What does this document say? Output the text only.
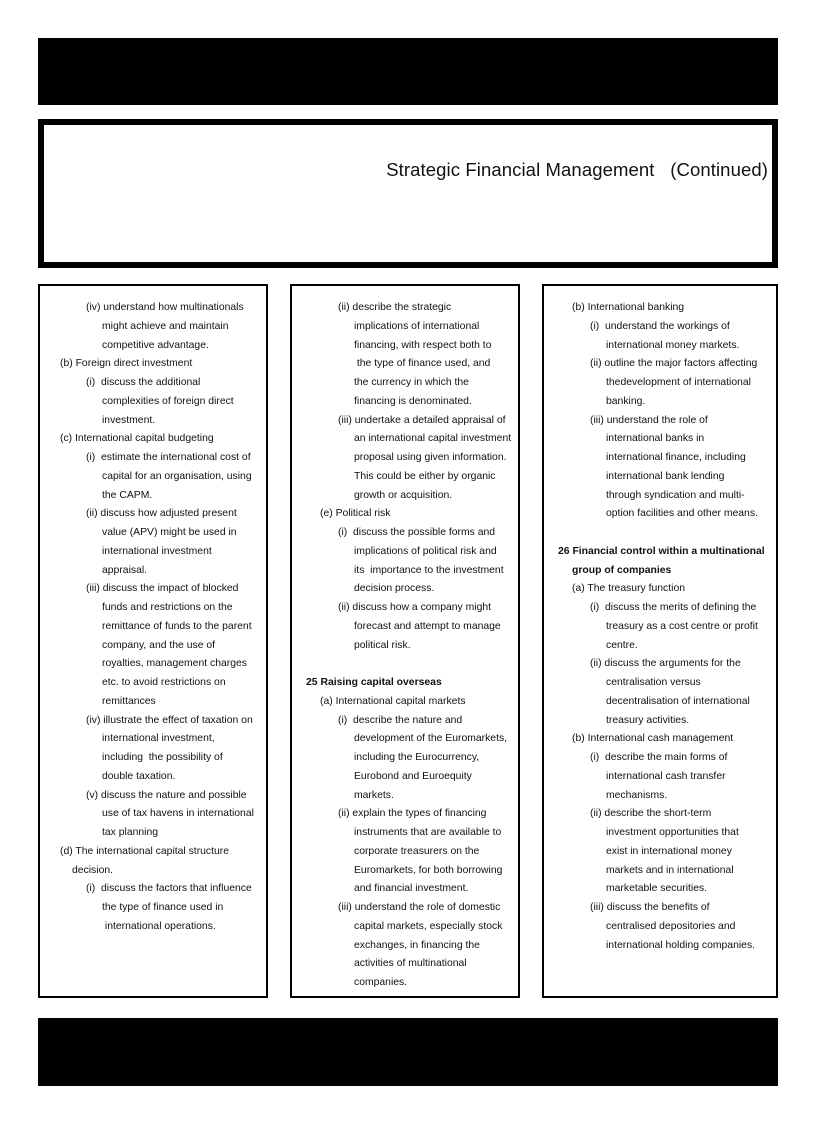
Strategic Financial Management   (Continued)
(iv) understand how multinationals
might achieve and maintain
competitive advantage.
(b) Foreign direct investment
(i)  discuss the additional
complexities of foreign direct
investment.
(c) International capital budgeting
(i)  estimate the international cost of
capital for an organisation, using
the CAPM.
(ii) discuss how adjusted present
value (APV) might be used in
international investment
appraisal.
(iii) discuss the impact of blocked
funds and restrictions on the
remittance of funds to the parent
company, and the use of
royalties, management charges
etc. to avoid restrictions on
remittances
(iv) illustrate the effect of taxation on
international investment,
including  the possibility of
double taxation.
(v) discuss the nature and possible
use of tax havens in international
tax planning
(d) The international capital structure
decision.
(i)  discuss the factors that influence
the type of finance used in
international operations.
(ii) describe the strategic
implications of international
financing, with respect both to
the type of finance used, and
the currency in which the
financing is denominated.
(iii) undertake a detailed appraisal of
an international capital investment
proposal using given information.
This could be either by organic
growth or acquisition.
(e) Political risk
(i)  discuss the possible forms and
implications of political risk and
its  importance to the investment
decision process.
(ii) discuss how a company might
forecast and attempt to manage
political risk.
25 Raising capital overseas
(a) International capital markets
(i)  describe the nature and
development of the Euromarkets,
including the Eurocurrency,
Eurobond and Euroequity
markets.
(ii) explain the types of financing
instruments that are available to
corporate treasurers on the
Euromarkets, for both borrowing
and financial investment.
(iii) understand the role of domestic
capital markets, especially stock
exchanges, in financing the
activities of multinational
companies.
(b) International banking
(i)  understand the workings of
international money markets.
(ii) outline the major factors affecting
thedevelopment of international
banking.
(iii) understand the role of
international banks in
international finance, including
international bank lending
through syndication and multi-
option facilities and other means.
26 Financial control within a multinational
group of companies
(a) The treasury function
(i)  discuss the merits of defining the
treasury as a cost centre or profit
centre.
(ii) discuss the arguments for the
centralisation versus
decentralisation of international
treasury activities.
(b) International cash management
(i)  describe the main forms of
international cash transfer
mechanisms.
(ii) describe the short-term
investment opportunities that
exist in international money
markets and in international
marketable securities.
(iii) discuss the benefits of
centralised depositories and
international holding companies.
